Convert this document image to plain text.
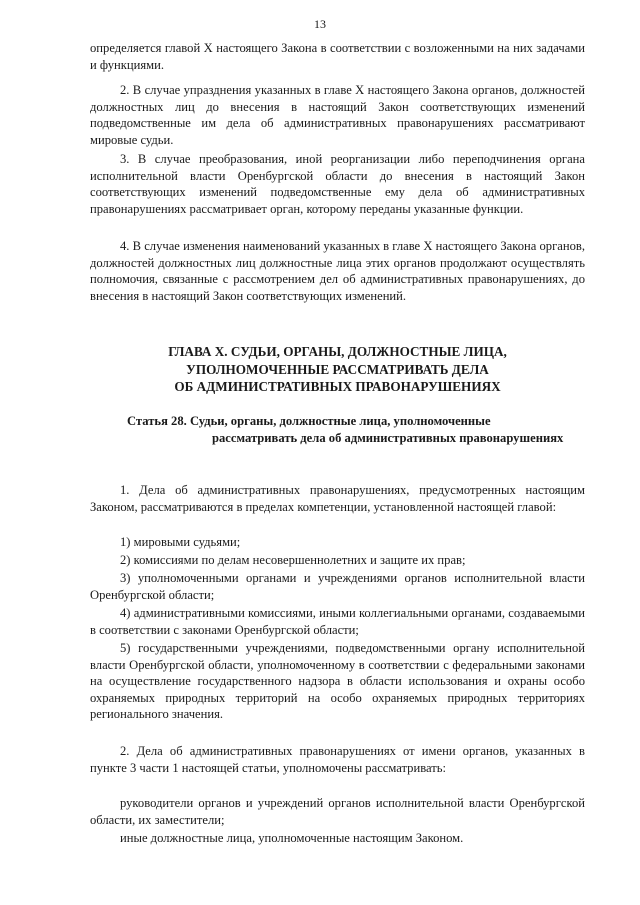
13

определяется главой X настоящего Закона в соответствии с возложенными на них задачами и функциями.

2. В случае упразднения указанных в главе X настоящего Закона органов, должностей должностных лиц до внесения в настоящий Закон соответствующих изменений подведомственные им дела об административных правонарушениях рассматривают мировые судьи.

3. В случае преобразования, иной реорганизации либо переподчинения органа исполнительной власти Оренбургской области до внесения в настоящий Закон соответствующих изменений подведомственные ему дела об административных правонарушениях рассматривает орган, которому переданы указанные функции.

4. В случае изменения наименований указанных в главе X настоящего Закона органов, должностей должностных лиц должностные лица этих органов продолжают осуществлять полномочия, связанные с рассмотрением дел об административных правонарушениях, до внесения в настоящий Закон соответствующих изменений.

ГЛАВА X. СУДЬИ, ОРГАНЫ, ДОЛЖНОСТНЫЕ ЛИЦА,
УПОЛНОМОЧЕННЫЕ РАССМАТРИВАТЬ ДЕЛА
ОБ АДМИНИСТРАТИВНЫХ ПРАВОНАРУШЕНИЯХ
Статья 28. Судьи, органы, должностные лица, уполномоченные
рассматривать дела об административных правонарушениях

1. Дела об административных правонарушениях, предусмотренных настоящим Законом, рассматриваются в пределах компетенции, установленной настоящей главой:

1) мировыми судьями;

2) комиссиями по делам несовершеннолетних и защите их прав;

3) уполномоченными органами и учреждениями органов исполнительной власти Оренбургской области;

4) административными комиссиями, иными коллегиальными органами, создаваемыми в соответствии с законами Оренбургской области;

5) государственными учреждениями, подведомственными органу исполнительной власти Оренбургской области, уполномоченному в соответствии с федеральными законами на осуществление государственного надзора в области использования и охраны особо охраняемых природных территорий на особо охраняемых природных территориях регионального значения.

2. Дела об административных правонарушениях от имени органов, указанных в пункте 3 части 1 настоящей статьи, уполномочены рассматривать:

руководители органов и учреждений органов исполнительной власти Оренбургской области, их заместители;

иные должностные лица, уполномоченные настоящим Законом.
